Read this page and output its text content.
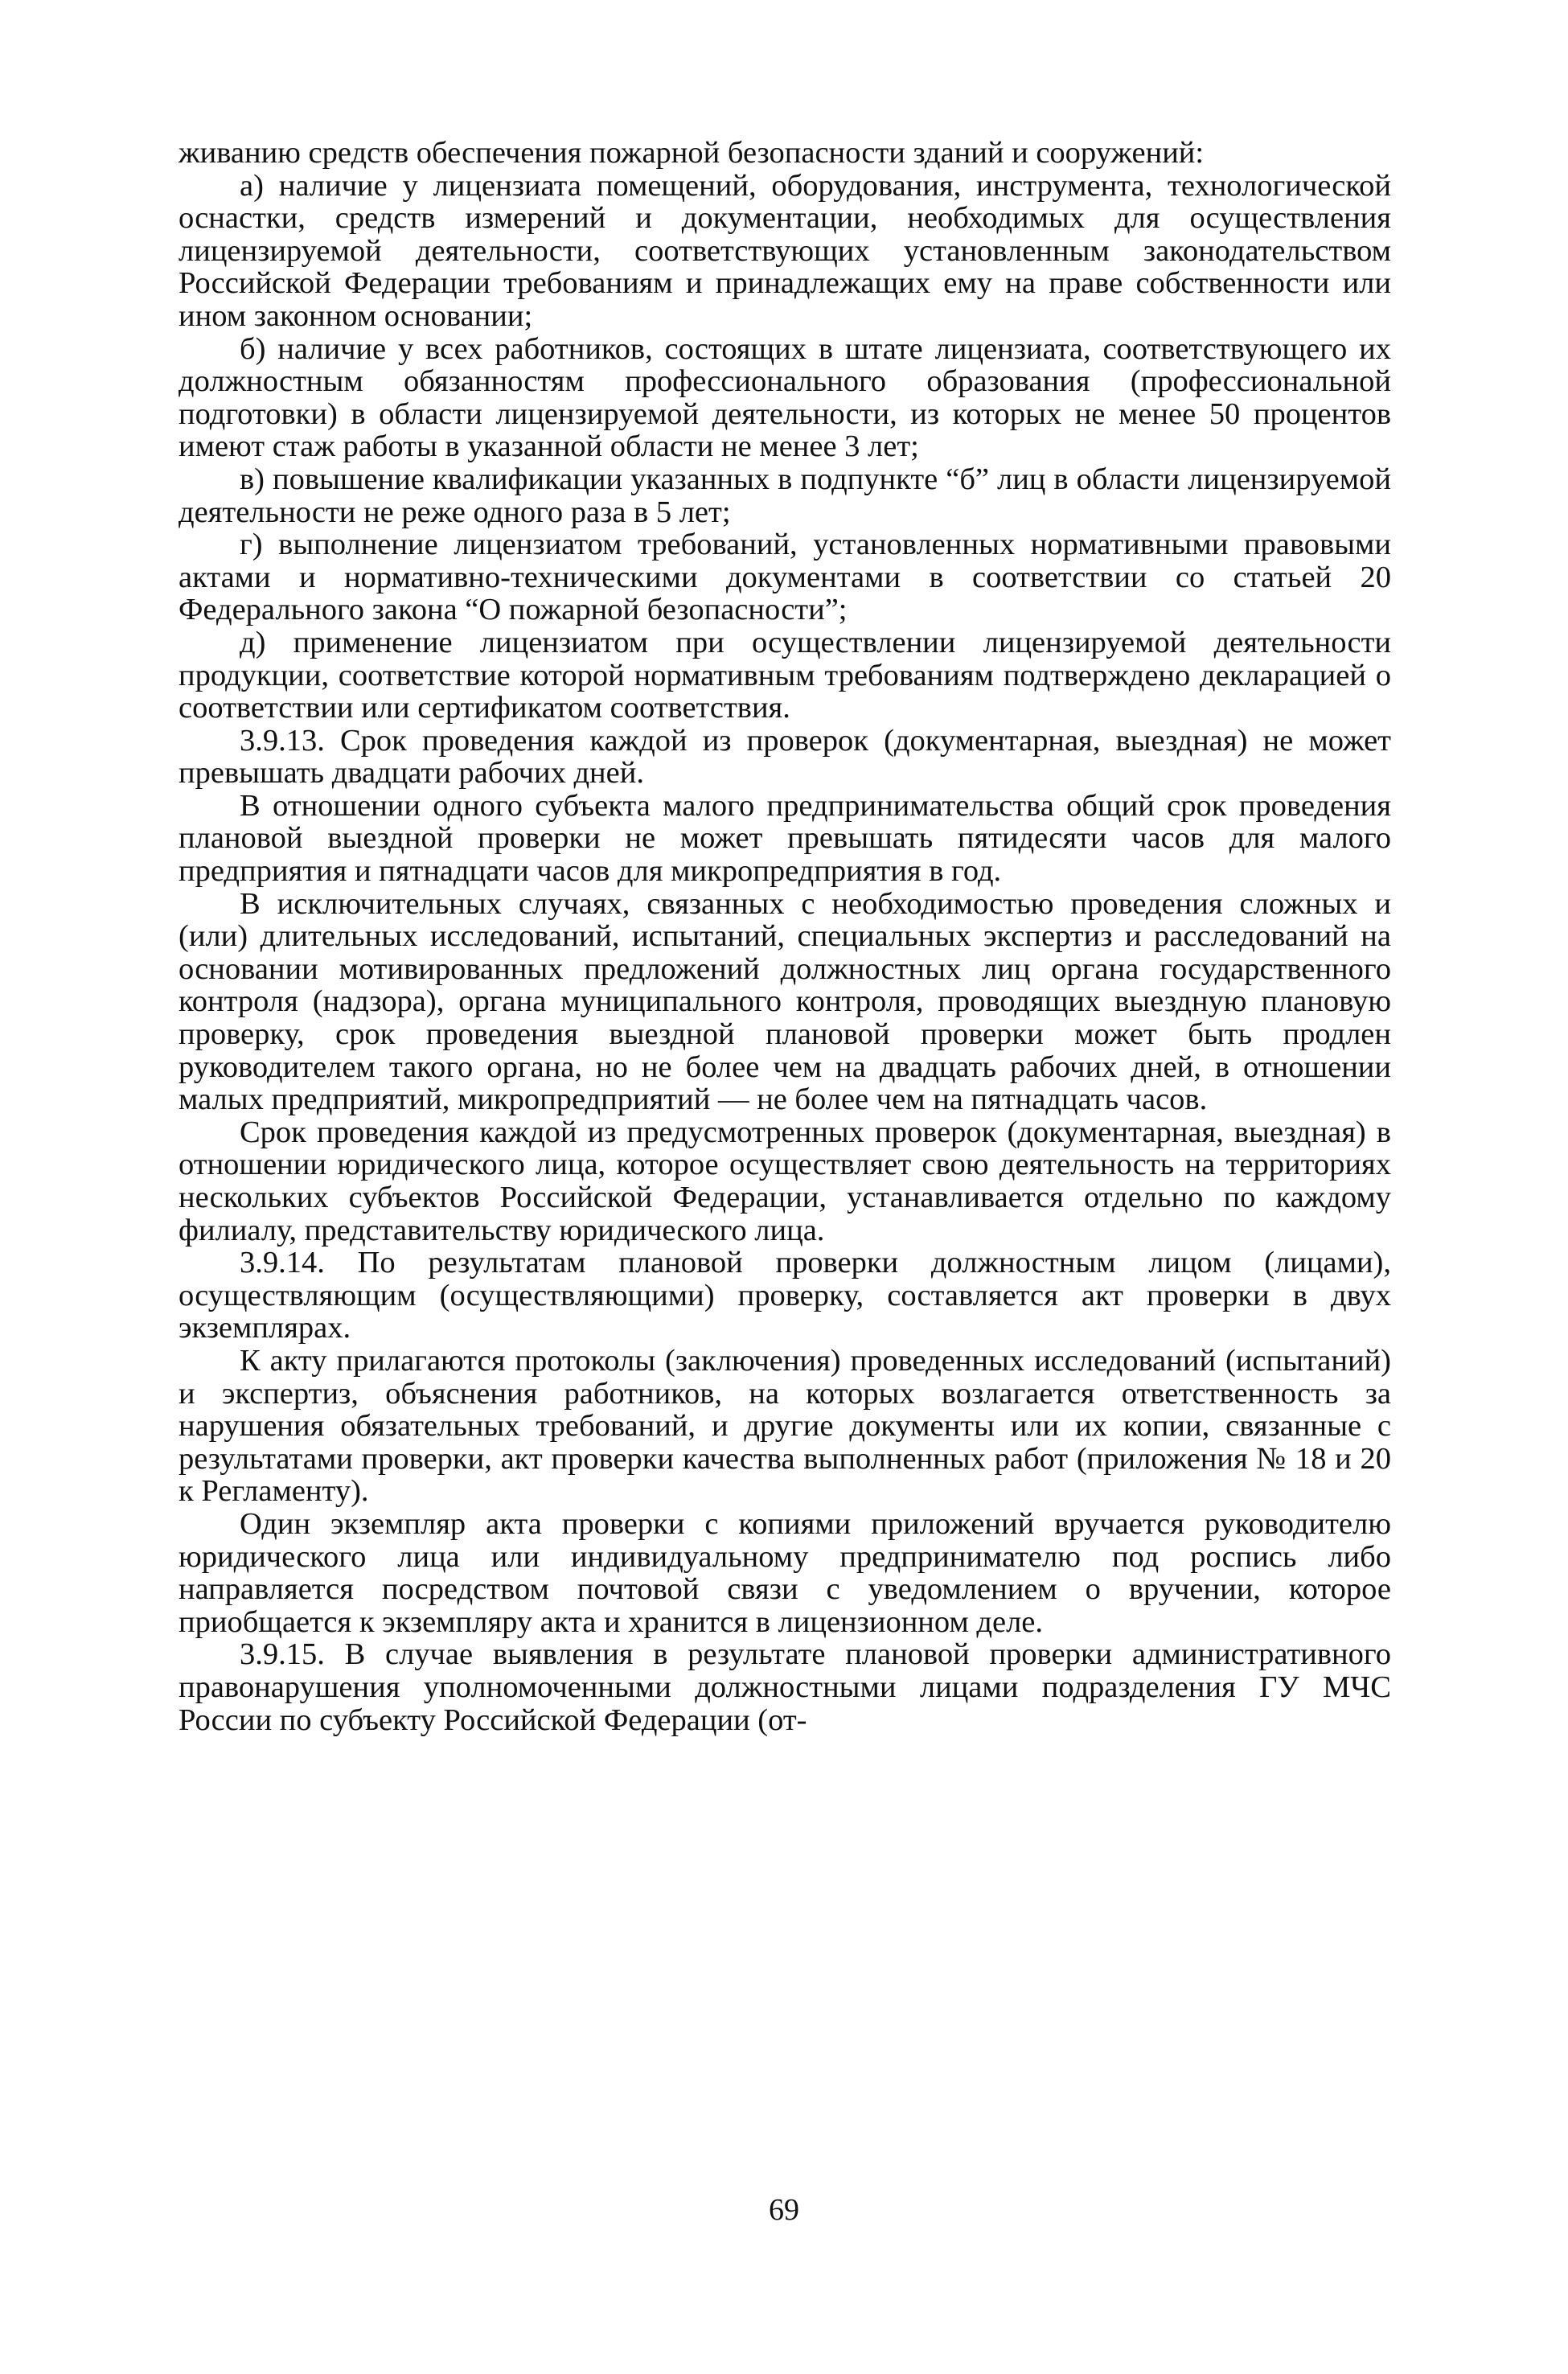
живанию средств обеспечения пожарной безопасности зданий и сооружений:

а) наличие у лицензиата помещений, оборудования, инструмента, технологической оснастки, средств измерений и документации, необходимых для осуществления лицензируемой деятельности, соответствующих установленным законодательством Российской Федерации требованиям и принадлежащих ему на праве собственности или ином законном основании;

б) наличие у всех работников, состоящих в штате лицензиата, соответствующего их должностным обязанностям профессионального образования (профессиональной подготовки) в области лицензируемой деятельности, из которых не менее 50 процентов имеют стаж работы в указанной области не менее 3 лет;

в) повышение квалификации указанных в подпункте “б” лиц в области лицензируемой деятельности не реже одного раза в 5 лет;

г) выполнение лицензиатом требований, установленных нормативными правовыми актами и нормативно-техническими документами в соответствии со статьей 20 Федерального закона “О пожарной безопасности”;

д) применение лицензиатом при осуществлении лицензируемой деятельности продукции, соответствие которой нормативным требованиям подтверждено декларацией о соответствии или сертификатом соответствия.

3.9.13. Срок проведения каждой из проверок (документарная, выездная) не может превышать двадцати рабочих дней.

В отношении одного субъекта малого предпринимательства общий срок проведения плановой выездной проверки не может превышать пятидесяти часов для малого предприятия и пятнадцати часов для микропредприятия в год.

В исключительных случаях, связанных с необходимостью проведения сложных и (или) длительных исследований, испытаний, специальных экспертиз и расследований на основании мотивированных предложений должностных лиц органа государственного контроля (надзора), органа муниципального контроля, проводящих выездную плановую проверку, срок проведения выездной плановой проверки может быть продлен руководителем такого органа, но не более чем на двадцать рабочих дней, в отношении малых предприятий, микропредприятий — не более чем на пятнадцать часов.

Срок проведения каждой из предусмотренных проверок (документарная, выездная) в отношении юридического лица, которое осуществляет свою деятельность на территориях нескольких субъектов Российской Федерации, устанавливается отдельно по каждому филиалу, представительству юридического лица.

3.9.14. По результатам плановой проверки должностным лицом (лицами), осуществляющим (осуществляющими) проверку, составляется акт проверки в двух экземплярах.

К акту прилагаются протоколы (заключения) проведенных исследований (испытаний) и экспертиз, объяснения работников, на которых возлагается ответственность за нарушения обязательных требований, и другие документы или их копии, связанные с результатами проверки, акт проверки качества выполненных работ (приложения № 18 и 20 к Регламенту).

Один экземпляр акта проверки с копиями приложений вручается руководителю юридического лица или индивидуальному предпринимателю под роспись либо направляется посредством почтовой связи с уведомлением о вручении, которое приобщается к экземпляру акта и хранится в лицензионном деле.

3.9.15. В случае выявления в результате плановой проверки административного правонарушения уполномоченными должностными лицами подразделения ГУ МЧС России по субъекту Российской Федерации (от-

69
